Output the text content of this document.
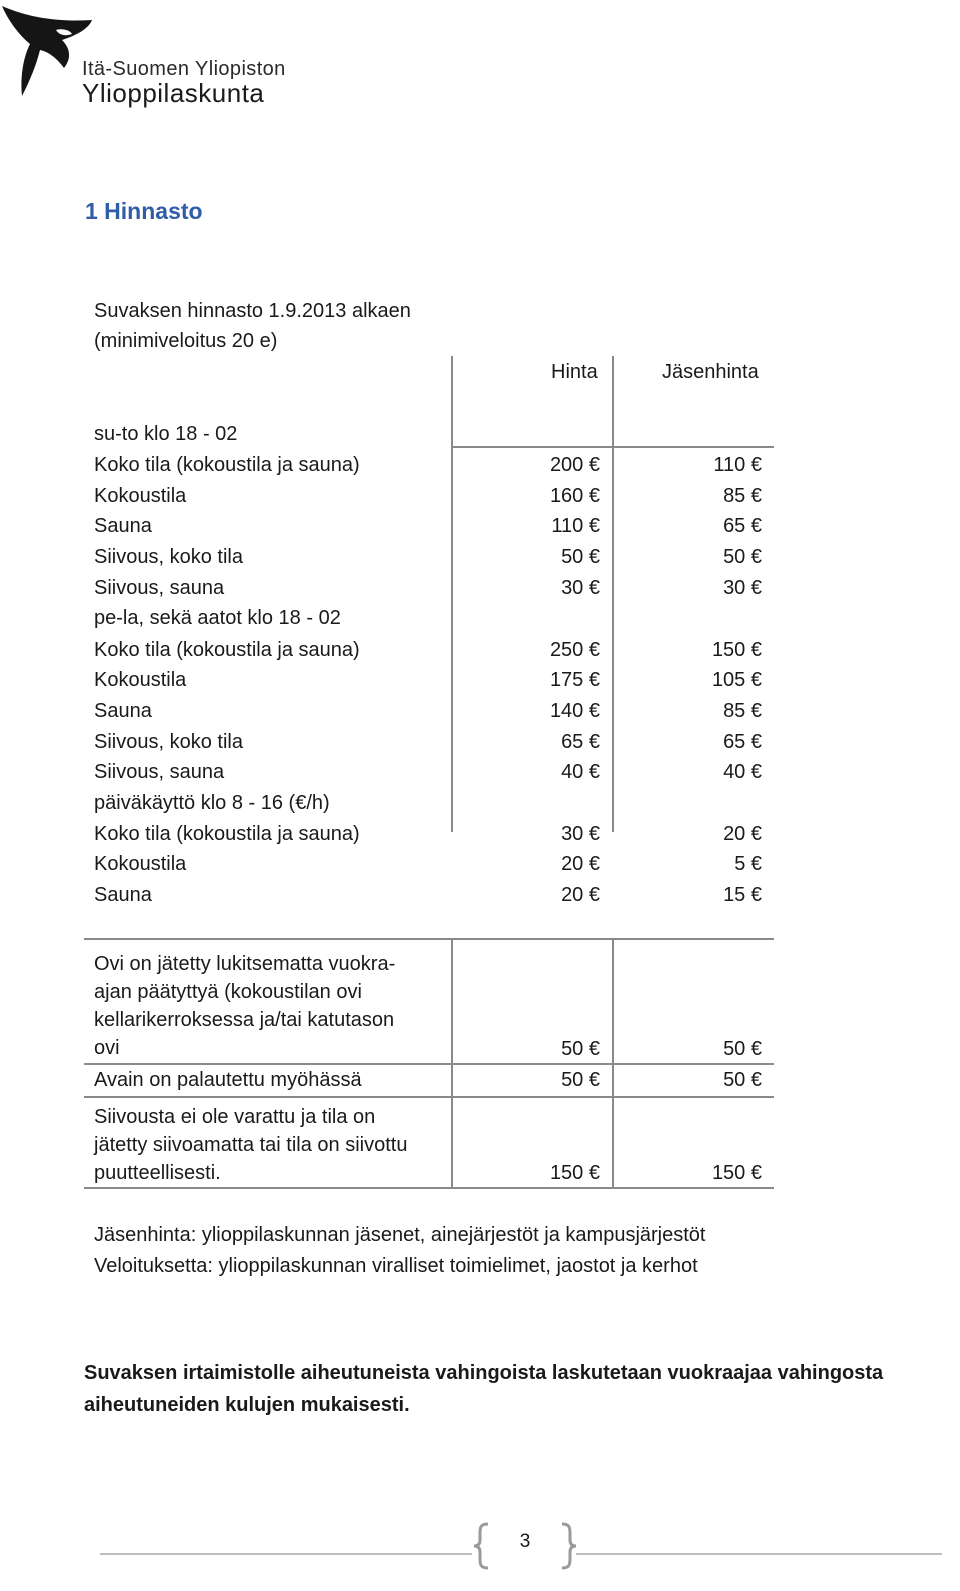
Itä-Suomen Yliopiston
Ylioppilaskunta
1 Hinnasto
Suvaksen hinnasto 1.9.2013 alkaen
(minimiveloitus 20 e)
Hinta	Jäsenhinta
su-to klo 18 - 02
Koko tila (kokoustila ja sauna)	200 €	110 €
Kokoustila	160 €	85 €
Sauna	110 €	65 €
Siivous, koko tila	50 €	50 €
Siivous, sauna	30 €	30 €
pe-la, sekä aatot klo 18 - 02
Koko tila (kokoustila ja sauna)	250 €	150 €
Kokoustila	175 €	105 €
Sauna	140 €	85 €
Siivous, koko tila	65 €	65 €
Siivous, sauna	40 €	40 €
päiväkäyttö klo 8 - 16 (€/h)
Koko tila (kokoustila ja sauna)	30 €	20 €
Kokoustila	20 €	5 €
Sauna	20 €	15 €
Ovi on jätetty lukitsematta vuokra-
ajan päätyttyä (kokoustilan ovi
kellarikerroksessa ja/tai katutason
ovi	50 €	50 €
Avain on palautettu myöhässä	50 €	50 €
Siivousta ei ole varattu ja tila on
jätetty siivoamatta tai tila on siivottu
puutteellisesti.	150 €	150 €
Jäsenhinta: ylioppilaskunnan jäsenet, ainejärjestöt ja kampusjärjestöt
Veloituksetta: ylioppilaskunnan viralliset toimielimet, jaostot ja kerhot
Suvaksen irtaimistolle aiheutuneista vahingoista laskutetaan vuokraajaa vahingosta aiheutuneiden kulujen mukaisesti.
3
